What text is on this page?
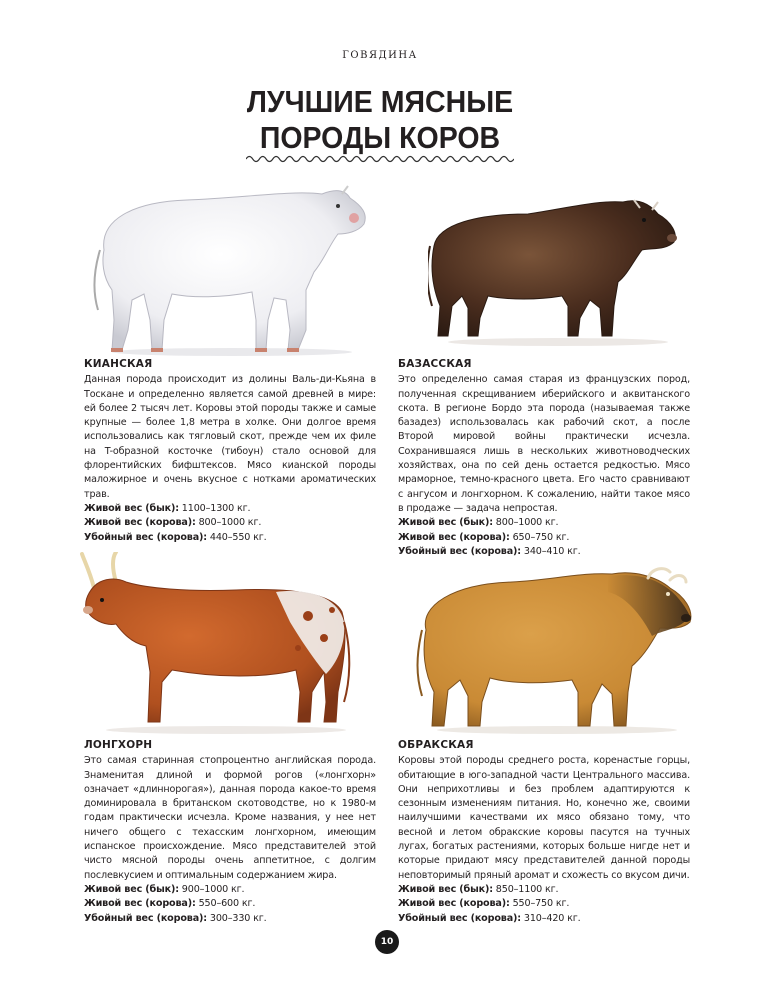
ГОВЯДИНА
ЛУЧШИЕ МЯСНЫЕ
ПОРОДЫ КОРОВ
КИАНСКАЯ

Данная порода происходит из долины Валь-ди-Кьяна в Тоскане и определенно является самой древней в мире: ей более 2 тысяч лет. Коровы этой породы также и самые крупные — более 1,8 метра в холке. Они долгое время использовались как тягловый скот, прежде чем их филе на T-образной косточке (тибоун) стало основой для флорентийских бифштексов. Мясо кианской породы маложирное и очень вкусное с нотками ароматических трав.

Живой вес (бык): 1100–1300 кг.
Живой вес (корова): 800–1000 кг.
Убойный вес (корова): 440–550 кг.
БАЗАССКАЯ

Это определенно самая старая из французских пород, полученная скрещиванием иберийского и аквитанского скота. В регионе Бордо эта порода (называемая также базадез) использовалась как рабочий скот, а после Второй мировой войны практически исчезла. Сохранившаяся лишь в нескольких животноводческих хозяйствах, она по сей день остается редкостью. Мясо мраморное, темно-красного цвета. Его часто сравнивают с ангусом и лонгхорном. К сожалению, найти такое мясо в продаже — задача непростая.

Живой вес (бык): 800–1000 кг.
Живой вес (корова): 650–750 кг.
Убойный вес (корова): 340–410 кг.
ЛОНГХОРН

Это самая старинная стопроцентно английская порода. Знаменитая длиной и формой рогов («лонгхорн» означает «длиннорогая»), данная порода какое-то время доминировала в британском скотоводстве, но к 1980-м годам практически исчезла. Кроме названия, у нее нет ничего общего с техасским лонгхорном, имеющим испанское происхождение. Мясо представителей этой чисто мясной породы очень аппетитное, с долгим послевкусием и оптимальным содержанием жира.

Живой вес (бык): 900–1000 кг.
Живой вес (корова): 550–600 кг.
Убойный вес (корова): 300–330 кг.
ОБРАКСКАЯ

Коровы этой породы среднего роста, коренастые горцы, обитающие в юго-западной части Центрального массива. Они неприхотливы и без проблем адаптируются к сезонным изменениям питания. Но, конечно же, своими наилучшими качествами их мясо обязано тому, что весной и летом обракские коровы пасутся на тучных лугах, богатых растениями, которых больше нигде нет и которые придают мясу представителей данной породы неповторимый пряный аромат и схожесть со вкусом дичи.

Живой вес (бык): 850–1100 кг.
Живой вес (корова): 550–750 кг.
Убойный вес (корова): 310–420 кг.
10
